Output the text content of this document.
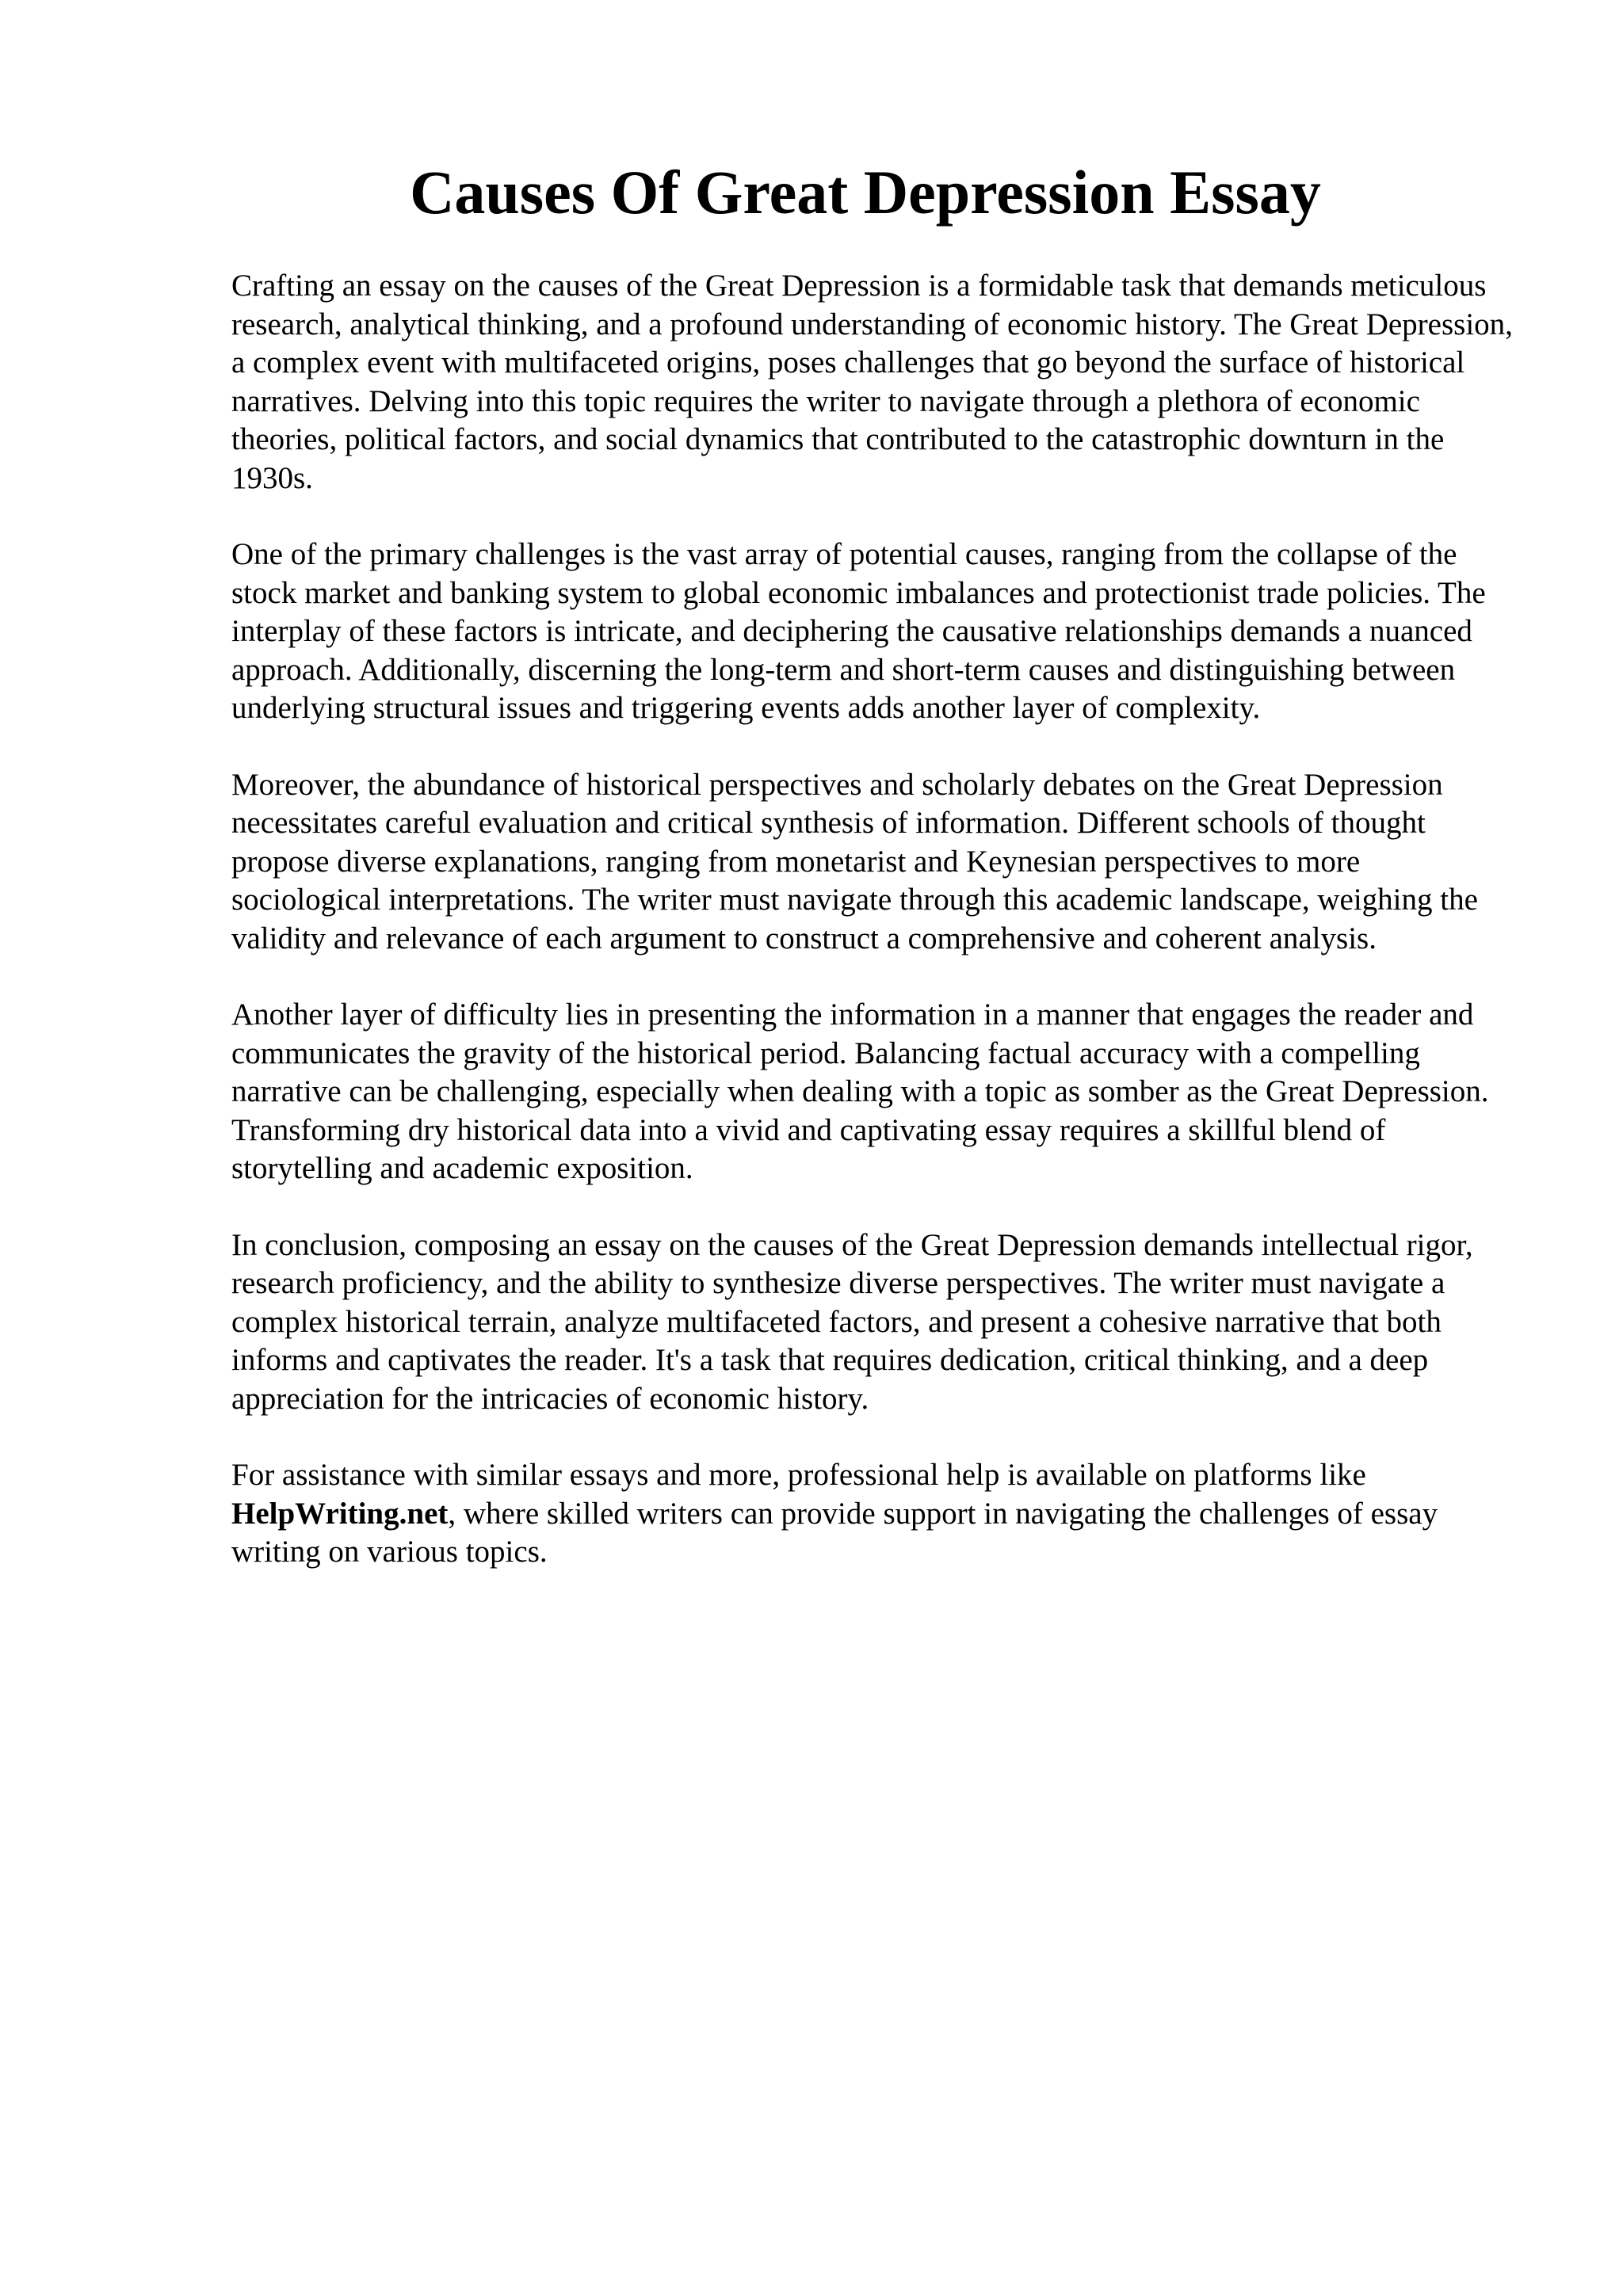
Causes Of Great Depression Essay

Crafting an essay on the causes of the Great Depression is a formidable task that demands meticulous research, analytical thinking, and a profound understanding of economic history. The Great Depression, a complex event with multifaceted origins, poses challenges that go beyond the surface of historical narratives. Delving into this topic requires the writer to navigate through a plethora of economic theories, political factors, and social dynamics that contributed to the catastrophic downturn in the 1930s.

One of the primary challenges is the vast array of potential causes, ranging from the collapse of the stock market and banking system to global economic imbalances and protectionist trade policies. The interplay of these factors is intricate, and deciphering the causative relationships demands a nuanced approach. Additionally, discerning the long-term and short-term causes and distinguishing between underlying structural issues and triggering events adds another layer of complexity.

Moreover, the abundance of historical perspectives and scholarly debates on the Great Depression necessitates careful evaluation and critical synthesis of information. Different schools of thought propose diverse explanations, ranging from monetarist and Keynesian perspectives to more sociological interpretations. The writer must navigate through this academic landscape, weighing the validity and relevance of each argument to construct a comprehensive and coherent analysis.

Another layer of difficulty lies in presenting the information in a manner that engages the reader and communicates the gravity of the historical period. Balancing factual accuracy with a compelling narrative can be challenging, especially when dealing with a topic as somber as the Great Depression. Transforming dry historical data into a vivid and captivating essay requires a skillful blend of storytelling and academic exposition.

In conclusion, composing an essay on the causes of the Great Depression demands intellectual rigor, research proficiency, and the ability to synthesize diverse perspectives. The writer must navigate a complex historical terrain, analyze multifaceted factors, and present a cohesive narrative that both informs and captivates the reader. It's a task that requires dedication, critical thinking, and a deep appreciation for the intricacies of economic history.

For assistance with similar essays and more, professional help is available on platforms like HelpWriting.net, where skilled writers can provide support in navigating the challenges of essay writing on various topics.
